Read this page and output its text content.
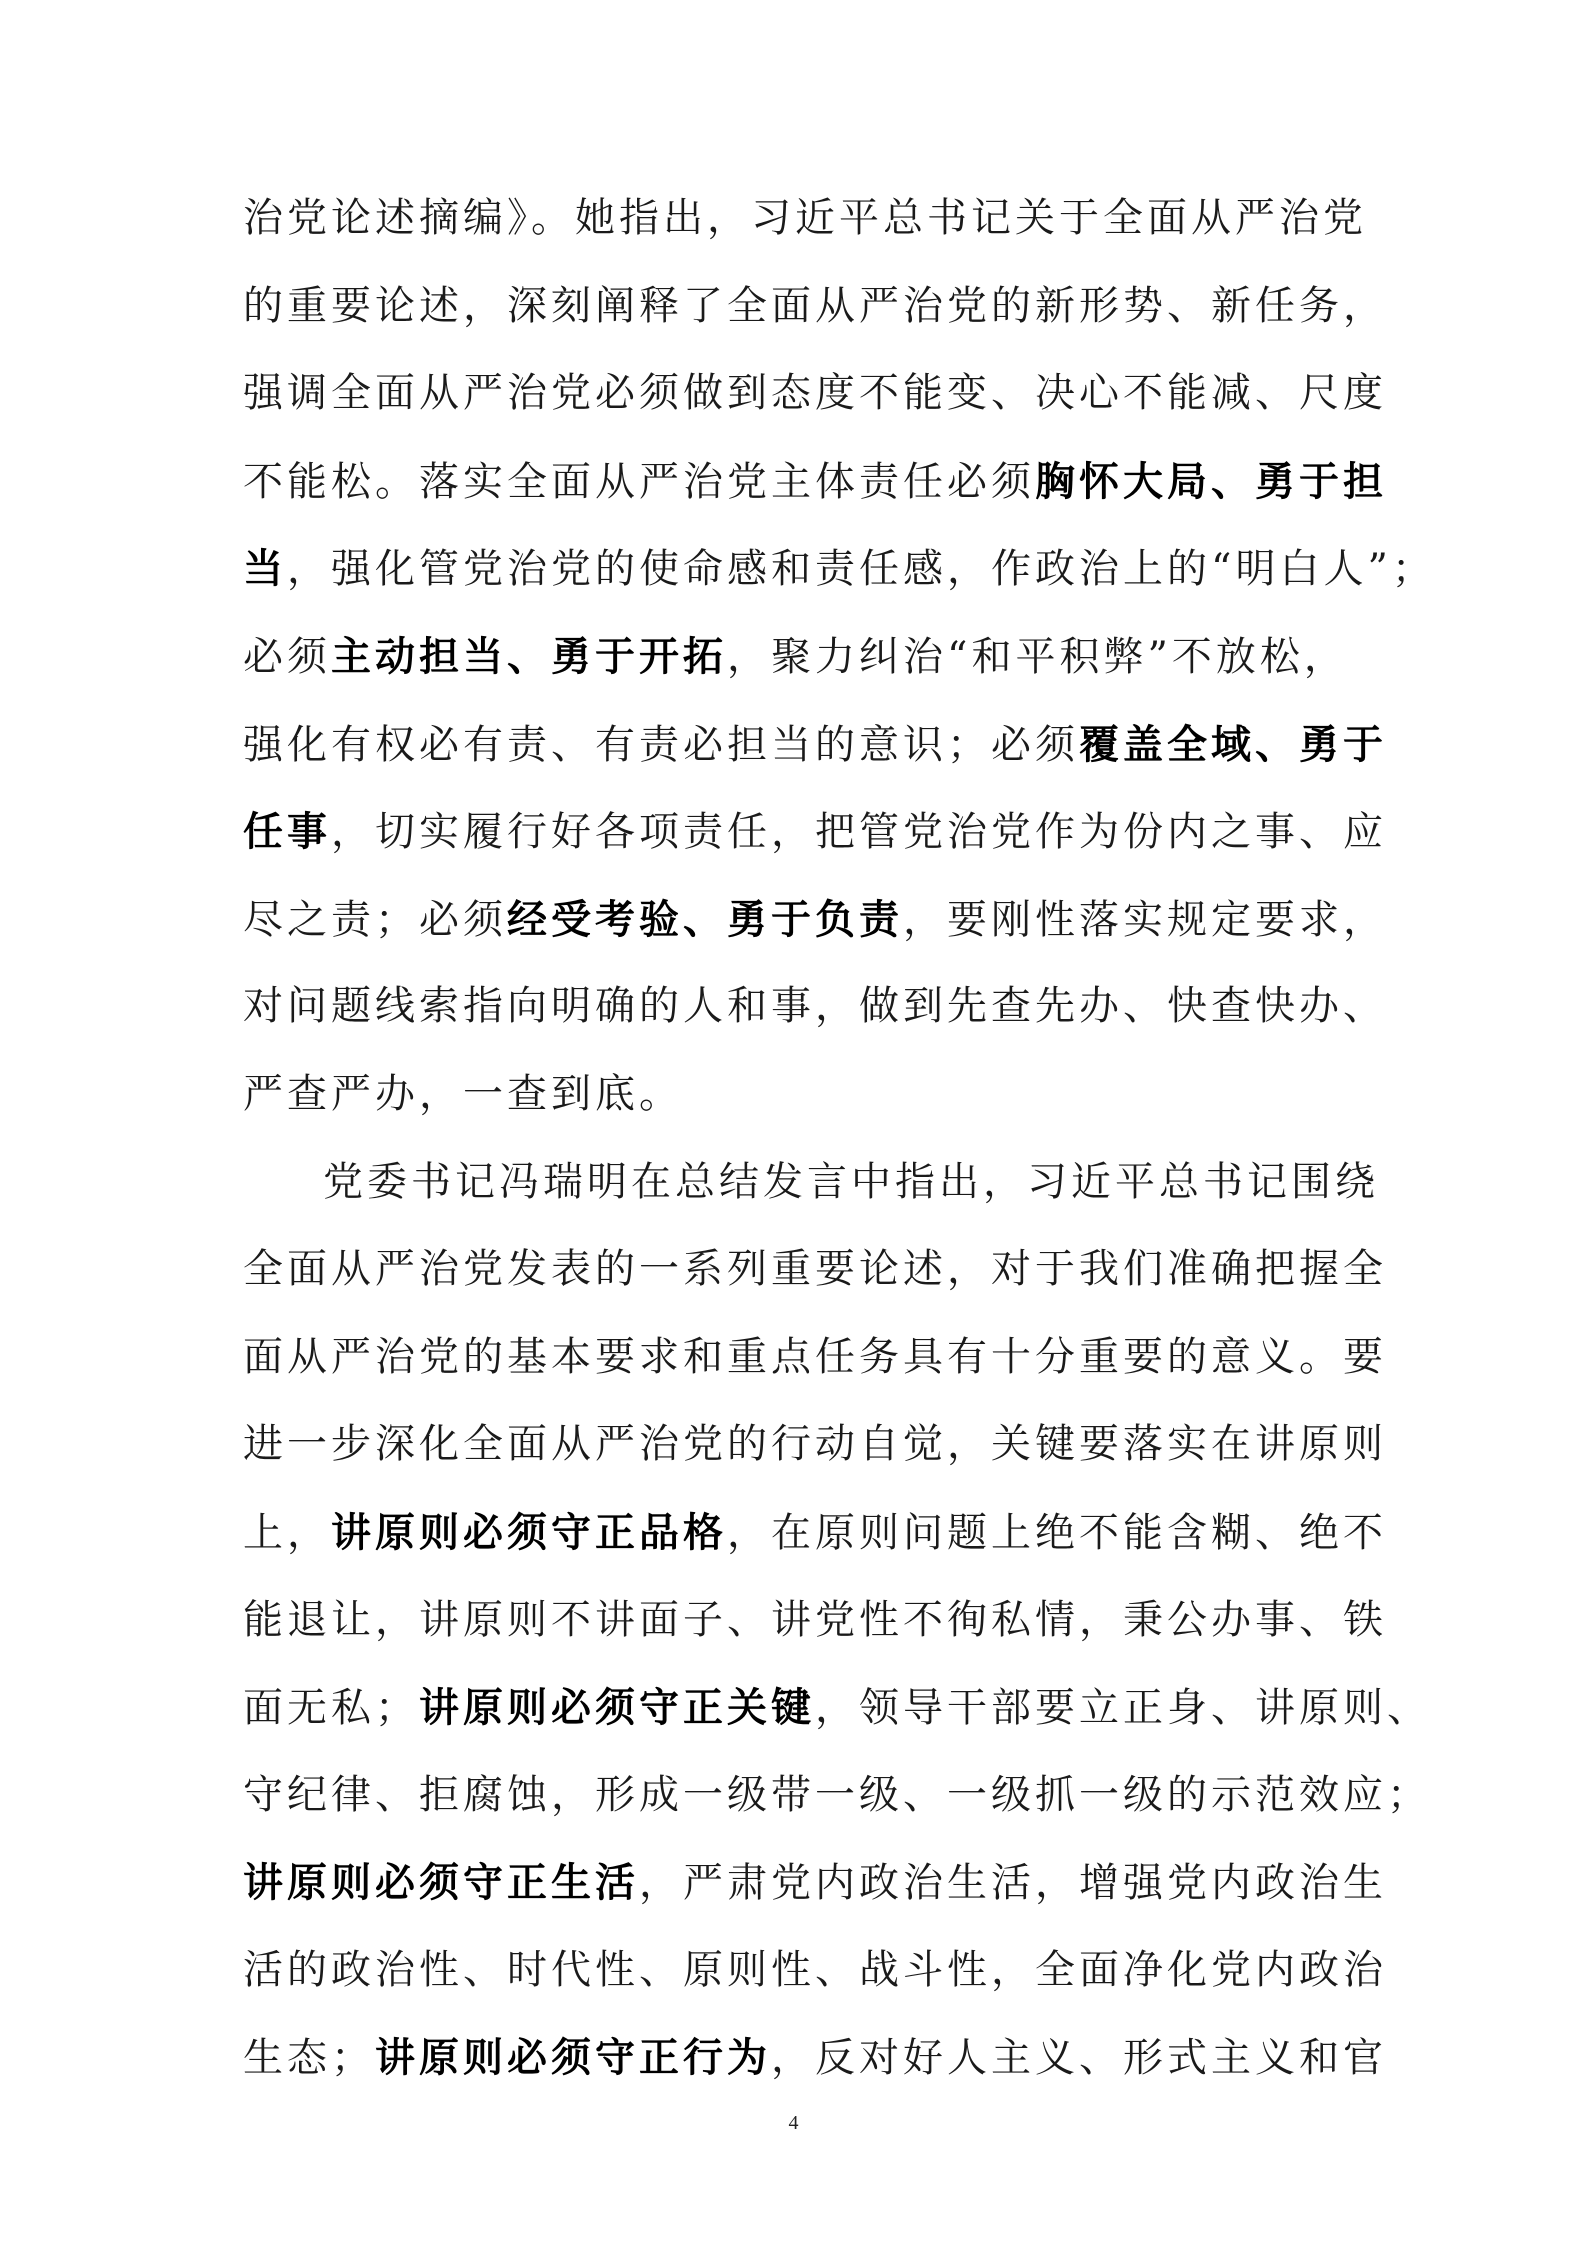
治党论述摘编》。她指出，习近平总书记关于全面从严治党
的重要论述，深刻阐释了全面从严治党的新形势、新任务，
强调全面从严治党必须做到态度不能变、决心不能减、尺度
不能松。落实全面从严治党主体责任必须胸怀大局、勇于担
当，强化管党治党的使命感和责任感，作政治上的“明白人”；
必须主动担当、勇于开拓，聚力纠治“和平积弊”不放松，
强化有权必有责、有责必担当的意识；必须覆盖全域、勇于
任事，切实履行好各项责任，把管党治党作为份内之事、应
尽之责；必须经受考验、勇于负责，要刚性落实规定要求，
对问题线索指向明确的人和事，做到先查先办、快查快办、
严查严办，一查到底。
党委书记冯瑞明在总结发言中指出，习近平总书记围绕
全面从严治党发表的一系列重要论述，对于我们准确把握全
面从严治党的基本要求和重点任务具有十分重要的意义。要
进一步深化全面从严治党的行动自觉，关键要落实在讲原则
上，讲原则必须守正品格，在原则问题上绝不能含糊、绝不
能退让，讲原则不讲面子、讲党性不徇私情，秉公办事、铁
面无私；讲原则必须守正关键，领导干部要立正身、讲原则、
守纪律、拒腐蚀，形成一级带一级、一级抓一级的示范效应；
讲原则必须守正生活，严肃党内政治生活，增强党内政治生
活的政治性、时代性、原则性、战斗性，全面净化党内政治
生态；讲原则必须守正行为，反对好人主义、形式主义和官
4
